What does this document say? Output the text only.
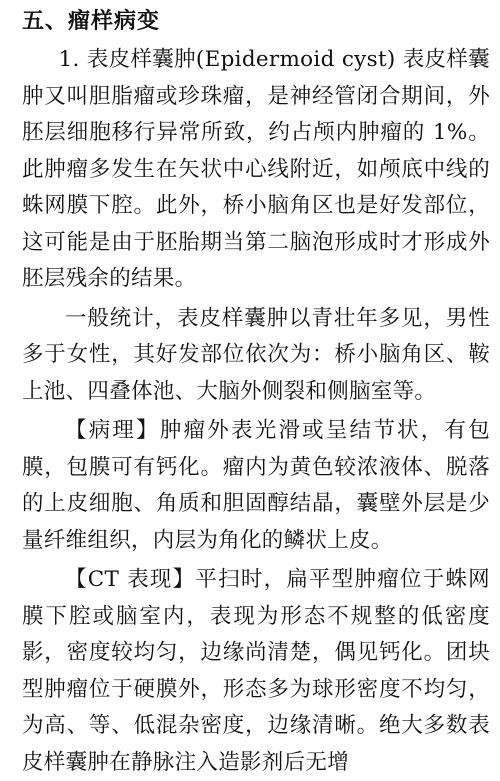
五、瘤样病变

1. 表皮样囊肿(Epidermoid cyst) 表皮样囊肿又叫胆脂瘤或珍珠瘤，是神经管闭合期间，外胚层细胞移行异常所致，约占颅内肿瘤的 1%。此肿瘤多发生在矢状中心线附近，如颅底中线的蛛网膜下腔。此外，桥小脑角区也是好发部位，这可能是由于胚胎期当第二脑泡形成时才形成外胚层残余的结果。

一般统计，表皮样囊肿以青壮年多见，男性多于女性，其好发部位依次为：桥小脑角区、鞍上池、四叠体池、大脑外侧裂和侧脑室等。

【病理】肿瘤外表光滑或呈结节状，有包膜，包膜可有钙化。瘤内为黄色较浓液体、脱落的上皮细胞、角质和胆固醇结晶，囊壁外层是少量纤维组织，内层为角化的鳞状上皮。

【CT 表现】平扫时，扁平型肿瘤位于蛛网膜下腔或脑室内，表现为形态不规整的低密度影，密度较均匀，边缘尚清楚，偶见钙化。团块型肿瘤位于硬膜外，形态多为球形密度不均匀，为高、等、低混杂密度，边缘清晰。绝大多数表皮样囊肿在静脉注入造影剂后无增
